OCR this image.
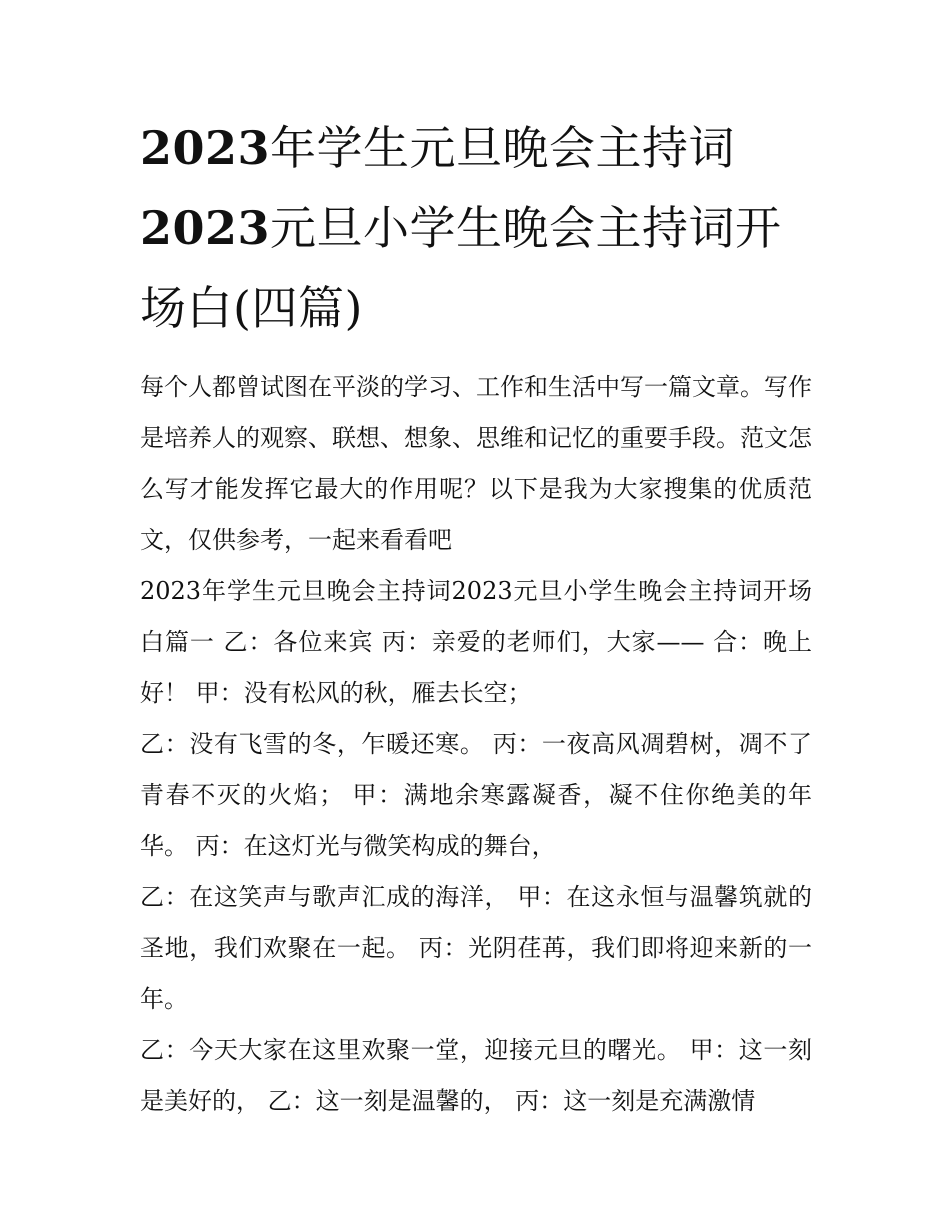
2023年学生元旦晚会主持词
2023元旦小学生晚会主持词开场白(四篇)

每个人都曾试图在平淡的学习、工作和生活中写一篇文章。写作是培养人的观察、联想、想象、思维和记忆的重要手段。范文怎么写才能发挥它最大的作用呢？以下是我为大家搜集的优质范文，仅供参考，一起来看看吧

2023年学生元旦晚会主持词2023元旦小学生晚会主持词开场白篇一 乙：各位来宾 丙：亲爱的老师们，大家—— 合：晚上好！ 甲：没有松风的秋，雁去长空；

乙：没有飞雪的冬，乍暖还寒。 丙：一夜高风凋碧树，凋不了青春不灭的火焰； 甲：满地余寒露凝香，凝不住你绝美的年华。 丙：在这灯光与微笑构成的舞台，

乙：在这笑声与歌声汇成的海洋， 甲：在这永恒与温馨筑就的圣地，我们欢聚在一起。 丙：光阴荏苒，我们即将迎来新的一年。

乙：今天大家在这里欢聚一堂，迎接元旦的曙光。 甲：这一刻是美好的， 乙：这一刻是温馨的， 丙：这一刻是充满激情
